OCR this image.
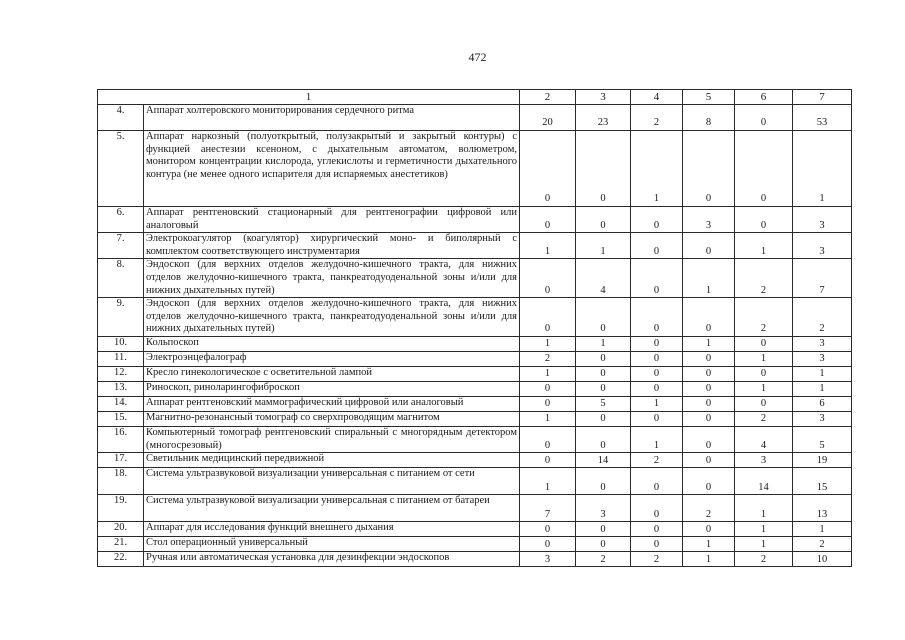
472
1		2	3	4	5	6	7
4.	Аппарат холтеровского мониторирования сердечного ритма	20	23	2	8	0	53
5.	Аппарат наркозный (полуоткрытый, полузакрытый и закрытый контуры) с функцией анестезии ксеноном, с дыхательным автоматом, волюметром, монитором концентрации кислорода, углекислоты и герметичности дыхательного контура (не менее одного испарителя для испаряемых анестетиков)	0	0	1	0	0	1
6.	Аппарат рентгеновский стационарный для рентгенографии цифровой или аналоговый	0	0	0	3	0	3
7.	Электрокоагулятор (коагулятор) хирургический моно- и биполярный с комплектом соответствующего инструментария	1	1	0	0	1	3
8.	Эндоскоп (для верхних отделов желудочно-кишечного тракта, для нижних отделов желудочно-кишечного тракта, панкреатодуоденальной зоны и/или для нижних дыхательных путей)	0	4	0	1	2	7
9.	Эндоскоп (для верхних отделов желудочно-кишечного тракта, для нижних отделов желудочно-кишечного тракта, панкреатодуоденальной зоны и/или для нижних дыхательных путей)	0	0	0	0	2	2
10.	Кольпоскоп	1	1	0	1	0	3
11.	Электроэнцефалограф	2	0	0	0	1	3
12.	Кресло гинекологическое с осветительной лампой	1	0	0	0	0	1
13.	Риноскоп, риноларингофиброскоп	0	0	0	0	1	1
14.	Аппарат рентгеновский маммографический цифровой или аналоговый	0	5	1	0	0	6
15.	Магнитно-резонансный томограф со сверхпроводящим магнитом	1	0	0	0	2	3
16.	Компьютерный томограф рентгеновский спиральный с многорядным детектором (многосрезовый)	0	0	1	0	4	5
17.	Светильник медицинский передвижной	0	14	2	0	3	19
18.	Система ультразвуковой визуализации универсальная с питанием от сети	1	0	0	0	14	15
19.	Система ультразвуковой визуализации универсальная с питанием от батареи	7	3	0	2	1	13
20.	Аппарат для исследования функций внешнего дыхания	0	0	0	0	1	1
21.	Стол операционный универсальный	0	0	0	1	1	2
22.	Ручная или автоматическая установка для дезинфекции эндоскопов	3	2	2	1	2	10
